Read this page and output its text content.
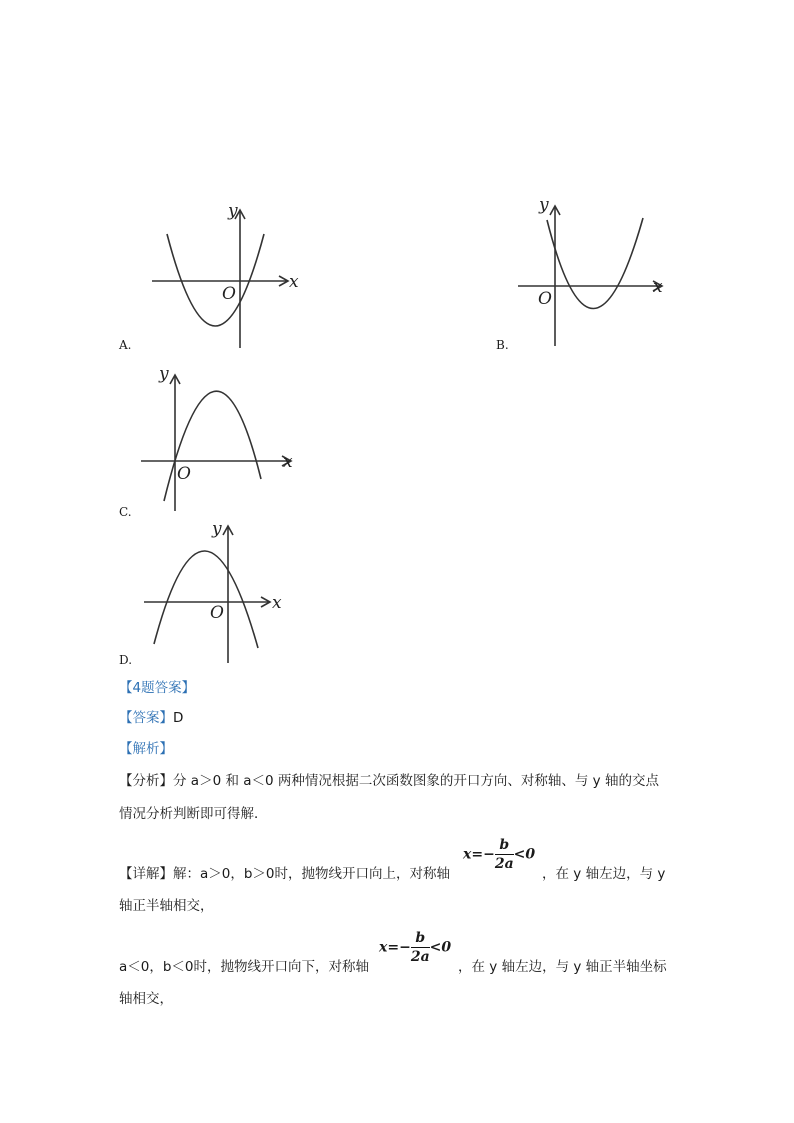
x
y
O
A.
x
y
O
B.
x
y
O
C.
x
y
O
D.
【4题答案】
【答案】D
【解析】
【分析】分 a＞0 和 a＜0 两种情况根据二次函数图象的开口方向、对称轴、与 y 轴的交点
情况分析判断即可得解．
【详解】解：a＞0，b＞0时，抛物线开口向上，对称轴
$x=- \frac{b}{2a} <0$
，在 y 轴左边，与 y
轴正半轴相交，
a＜0，b＜0时，抛物线开口向下，对称轴
$x=- \frac{b}{2a} <0$
，在 y 轴左边，与 y 轴正半轴坐标
轴相交，
